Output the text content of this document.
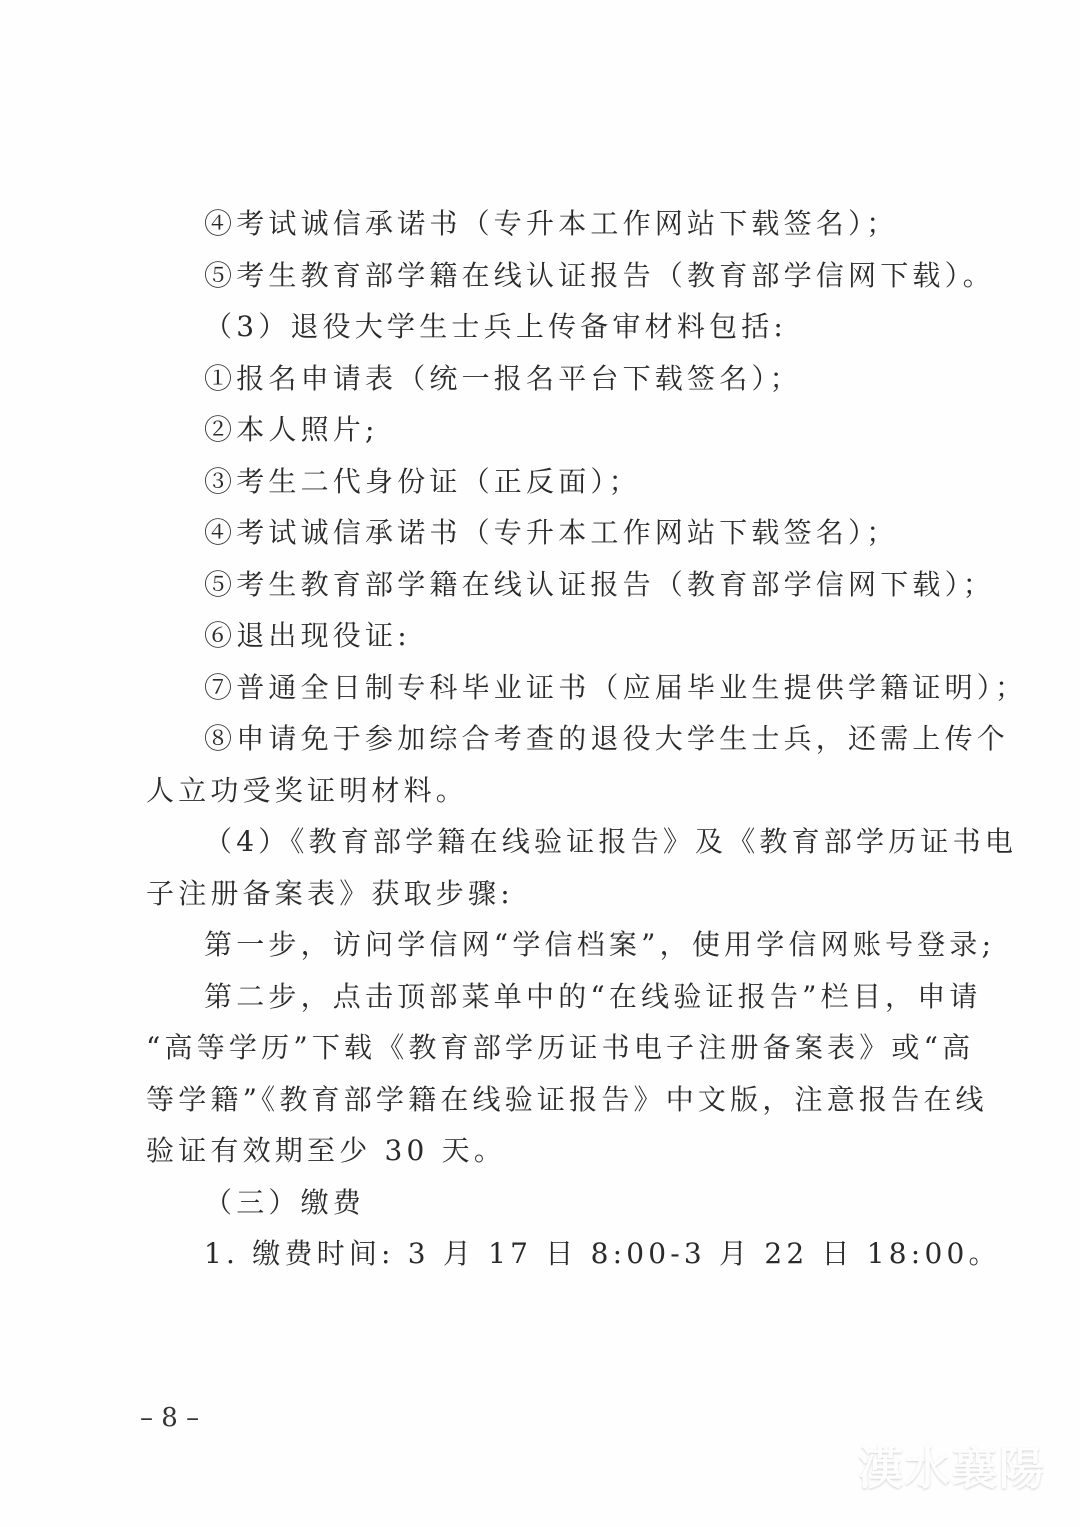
④考试诚信承诺书（专升本工作网站下载签名）；

⑤考生教育部学籍在线认证报告（教育部学信网下载）。

（3）退役大学生士兵上传备审材料包括:

①报名申请表（统一报名平台下载签名）；

②本人照片;

③考生二代身份证（正反面）；

④考试诚信承诺书（专升本工作网站下载签名）；

⑤考生教育部学籍在线认证报告（教育部学信网下载）；

⑥退出现役证:

⑦普通全日制专科毕业证书（应届毕业生提供学籍证明）；

⑧申请免于参加综合考查的退役大学生士兵，还需上传个

人立功受奖证明材料。

（4）《教育部学籍在线验证报告》及《教育部学历证书电

子注册备案表》获取步骤:

第一步，访问学信网“学信档案”，使用学信网账号登录;

第二步，点击顶部菜单中的“在线验证报告”栏目，申请

“高等学历”下载《教育部学历证书电子注册备案表》或“高

等学籍”《教育部学籍在线验证报告》中文版，注意报告在线

验证有效期至少 30 天。

（三）缴费

1. 缴费时间: 3 月 17 日 8:00-3 月 22 日 18:00。

– 8 –
漢水襄陽
